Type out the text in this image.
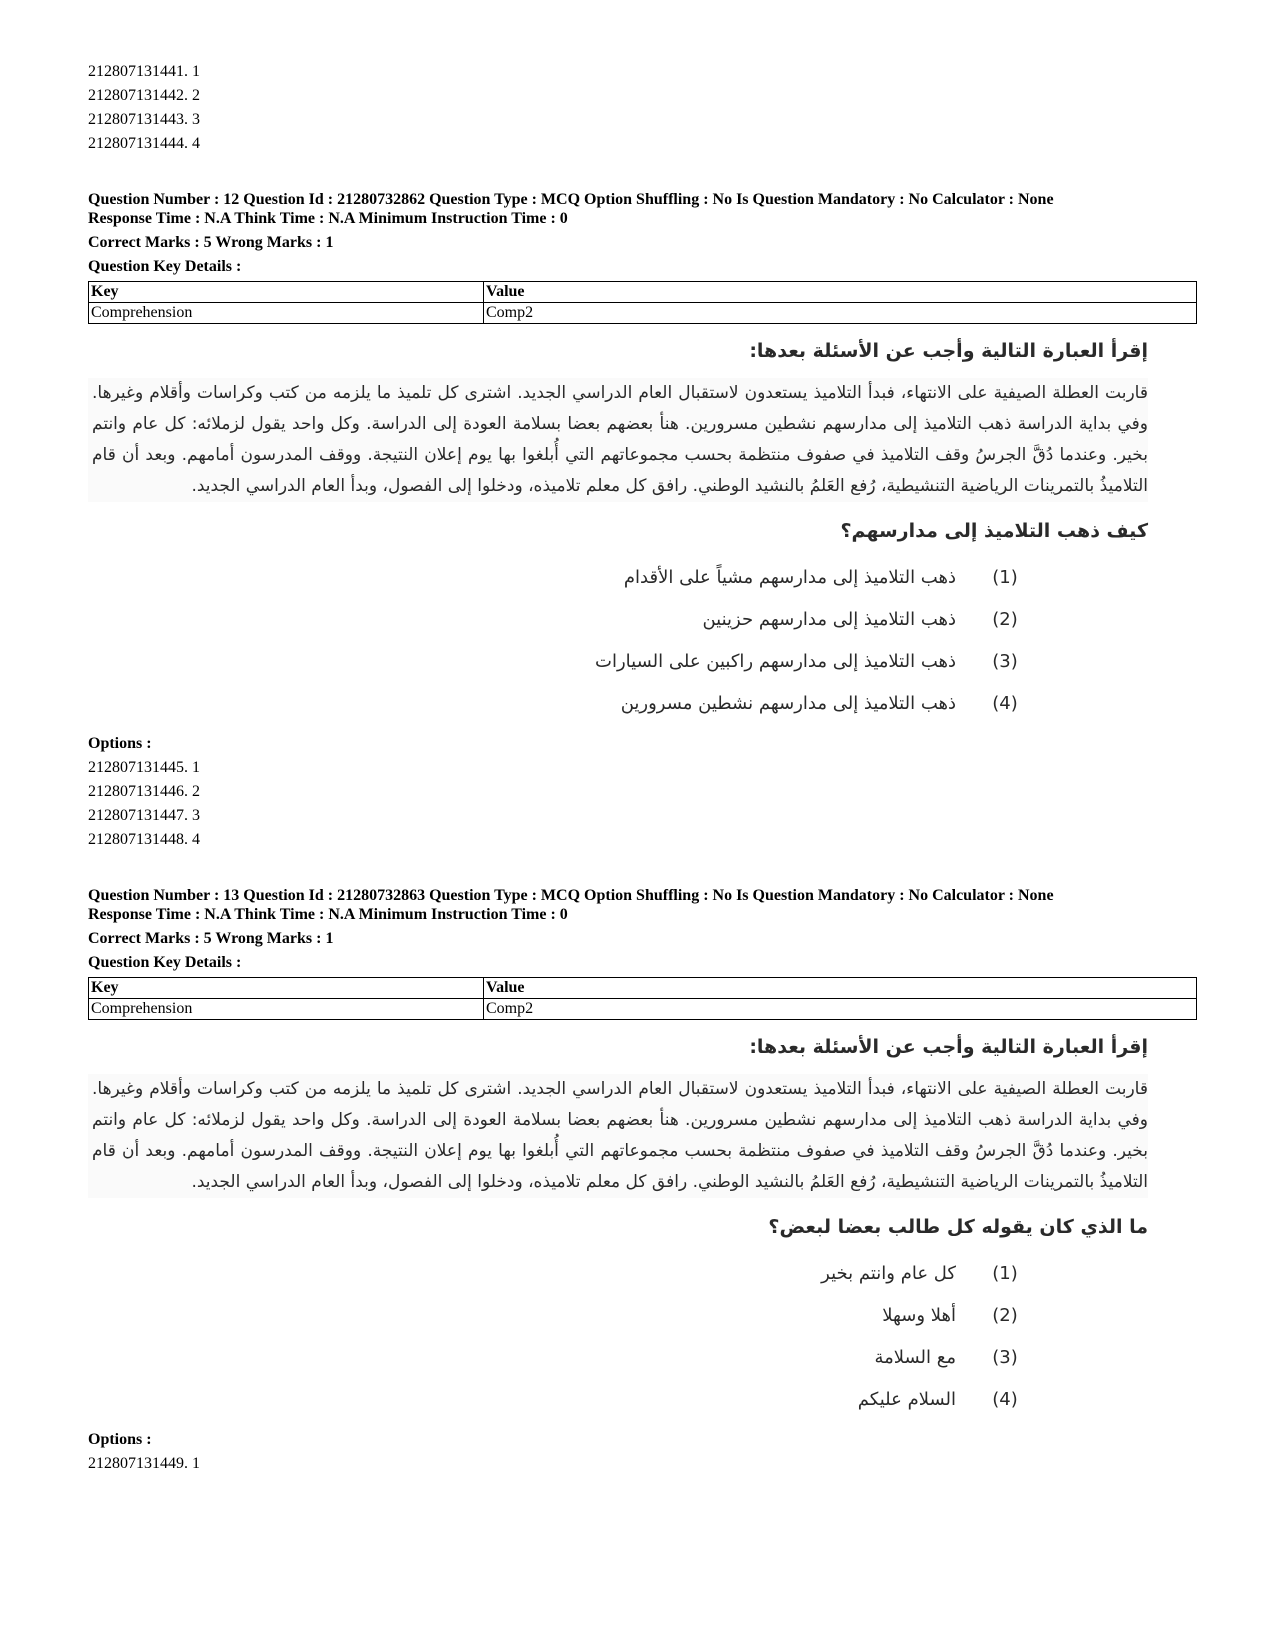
212807131441. 1

212807131442. 2

212807131443. 3

212807131444. 4

Question Number : 12 Question Id : 21280732862 Question Type : MCQ Option Shuffling : No Is Question Mandatory : No Calculator : None

Response Time : N.A Think Time : N.A Minimum Instruction Time : 0

Correct Marks : 5 Wrong Marks : 1

Question Key Details :

Key	Value
Comprehension	Comp2

إقرأ العبارة التالية وأجب عن الأسئلة بعدها:

قاربت العطلة الصيفية على الانتهاء، فبدأ التلاميذ يستعدون لاستقبال العام الدراسي الجديد. اشترى كل تلميذ ما يلزمه من كتب وكراسات وأقلام وغيرها. وفي بداية الدراسة ذهب التلاميذ إلى مدارسهم نشطين مسرورين. هنأ بعضهم بعضا بسلامة العودة إلى الدراسة. وكل واحد يقول لزملائه: كل عام وانتم بخير. وعندما دُقَّ الجرسُ وقف التلاميذ في صفوف منتظمة بحسب مجموعاتهم التي أُبلغوا بها يوم إعلان النتيجة. ووقف المدرسون أمامهم. وبعد أن قام التلاميذُ بالتمرينات الرياضية التنشيطية، رُفع العَلمُ بالنشيد الوطني. رافق كل معلم تلاميذه، ودخلوا إلى الفصول، وبدأ العام الدراسي الجديد.

كيف ذهب التلاميذ إلى مدارسهم؟

(1)
ذهب التلاميذ إلى مدارسهم مشياً على الأقدام
(2)
ذهب التلاميذ إلى مدارسهم حزينين
(3)
ذهب التلاميذ إلى مدارسهم راكبين على السيارات
(4)
ذهب التلاميذ إلى مدارسهم نشطين مسرورين

Options :

212807131445. 1

212807131446. 2

212807131447. 3

212807131448. 4

Question Number : 13 Question Id : 21280732863 Question Type : MCQ Option Shuffling : No Is Question Mandatory : No Calculator : None

Response Time : N.A Think Time : N.A Minimum Instruction Time : 0

Correct Marks : 5 Wrong Marks : 1

Question Key Details :

Key	Value
Comprehension	Comp2

إقرأ العبارة التالية وأجب عن الأسئلة بعدها:

قاربت العطلة الصيفية على الانتهاء، فبدأ التلاميذ يستعدون لاستقبال العام الدراسي الجديد. اشترى كل تلميذ ما يلزمه من كتب وكراسات وأقلام وغيرها. وفي بداية الدراسة ذهب التلاميذ إلى مدارسهم نشطين مسرورين. هنأ بعضهم بعضا بسلامة العودة إلى الدراسة. وكل واحد يقول لزملائه: كل عام وانتم بخير. وعندما دُقَّ الجرسُ وقف التلاميذ في صفوف منتظمة بحسب مجموعاتهم التي أُبلغوا بها يوم إعلان النتيجة. ووقف المدرسون أمامهم. وبعد أن قام التلاميذُ بالتمرينات الرياضية التنشيطية، رُفع العَلمُ بالنشيد الوطني. رافق كل معلم تلاميذه، ودخلوا إلى الفصول، وبدأ العام الدراسي الجديد.

ما الذي كان يقوله كل طالب بعضا لبعض؟

(1)
كل عام وانتم بخير
(2)
أهلا وسهلا
(3)
مع السلامة
(4)
السلام عليكم

Options :

212807131449. 1
